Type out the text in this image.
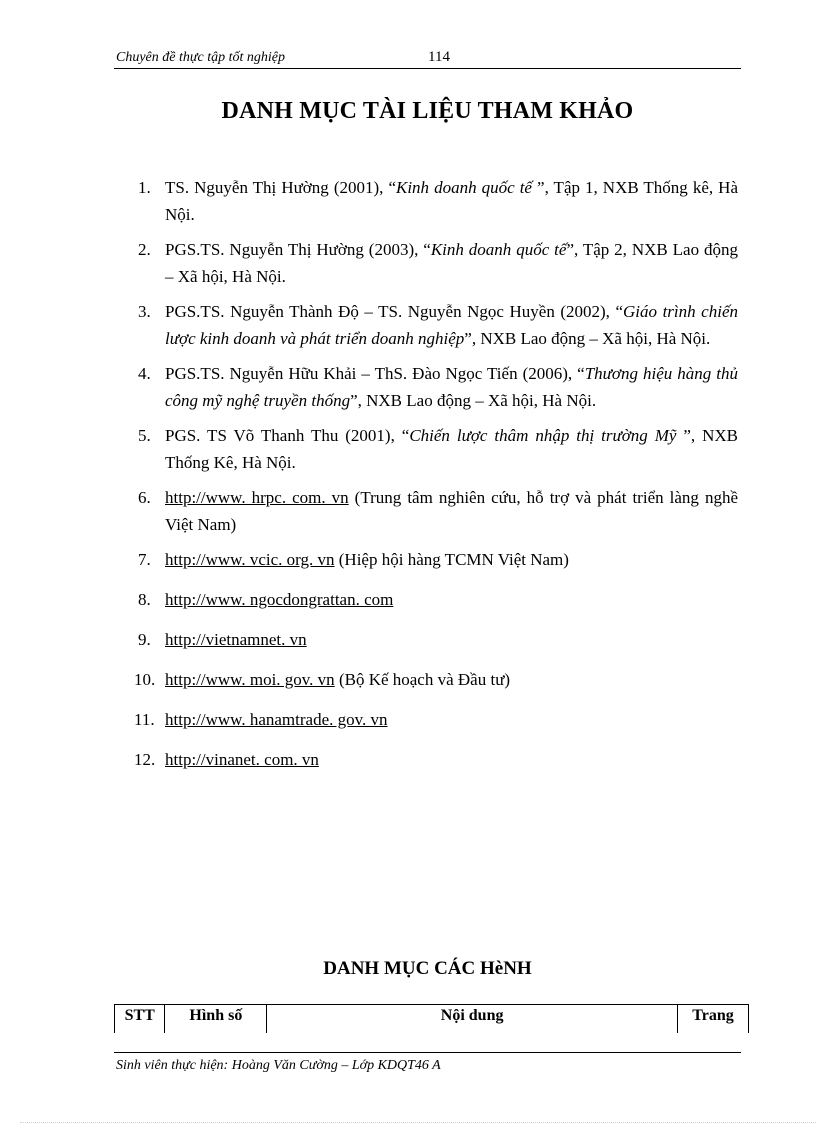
Chuyên đề thực tập tốt nghiệp	114
DANH MỤC TÀI LIỆU THAM KHẢO
1. TS. Nguyễn Thị Hường (2001), “Kinh doanh quốc tế ”, Tập 1, NXB Thống kê, Hà Nội.
2. PGS.TS. Nguyễn Thị Hường (2003), “Kinh doanh quốc tế”, Tập 2, NXB Lao động – Xã hội, Hà Nội.
3. PGS.TS. Nguyễn Thành Độ – TS. Nguyễn Ngọc Huyền (2002), “Giáo trình chiến lược kinh doanh và phát triển doanh nghiệp”, NXB Lao động – Xã hội, Hà Nội.
4. PGS.TS. Nguyễn Hữu Khải – ThS. Đào Ngọc Tiến (2006), “Thương hiệu hàng thủ công mỹ nghệ truyền thống”, NXB Lao động – Xã hội, Hà Nội.
5. PGS. TS Võ Thanh Thu (2001), “Chiến lược thâm nhập thị trường Mỹ ”, NXB Thống Kê, Hà Nội.
6. http://www. hrpc. com. vn (Trung tâm nghiên cứu, hỗ trợ và phát triển làng nghề Việt Nam)
7. http://www. vcic. org. vn (Hiệp hội hàng TCMN Việt Nam)
8. http://www. ngocdongrattan. com
9. http://vietnamnet. vn
10. http://www. moi. gov. vn (Bộ Kế hoạch và Đầu tư)
11. http://www. hanamtrade. gov. vn
12. http://vinanet. com. vn
DANH MỤC CÁC HèNH
STT	Hình số	Nội dung	Trang
Sinh viên thực hiện: Hoàng Văn Cường – Lớp KDQT46 A
